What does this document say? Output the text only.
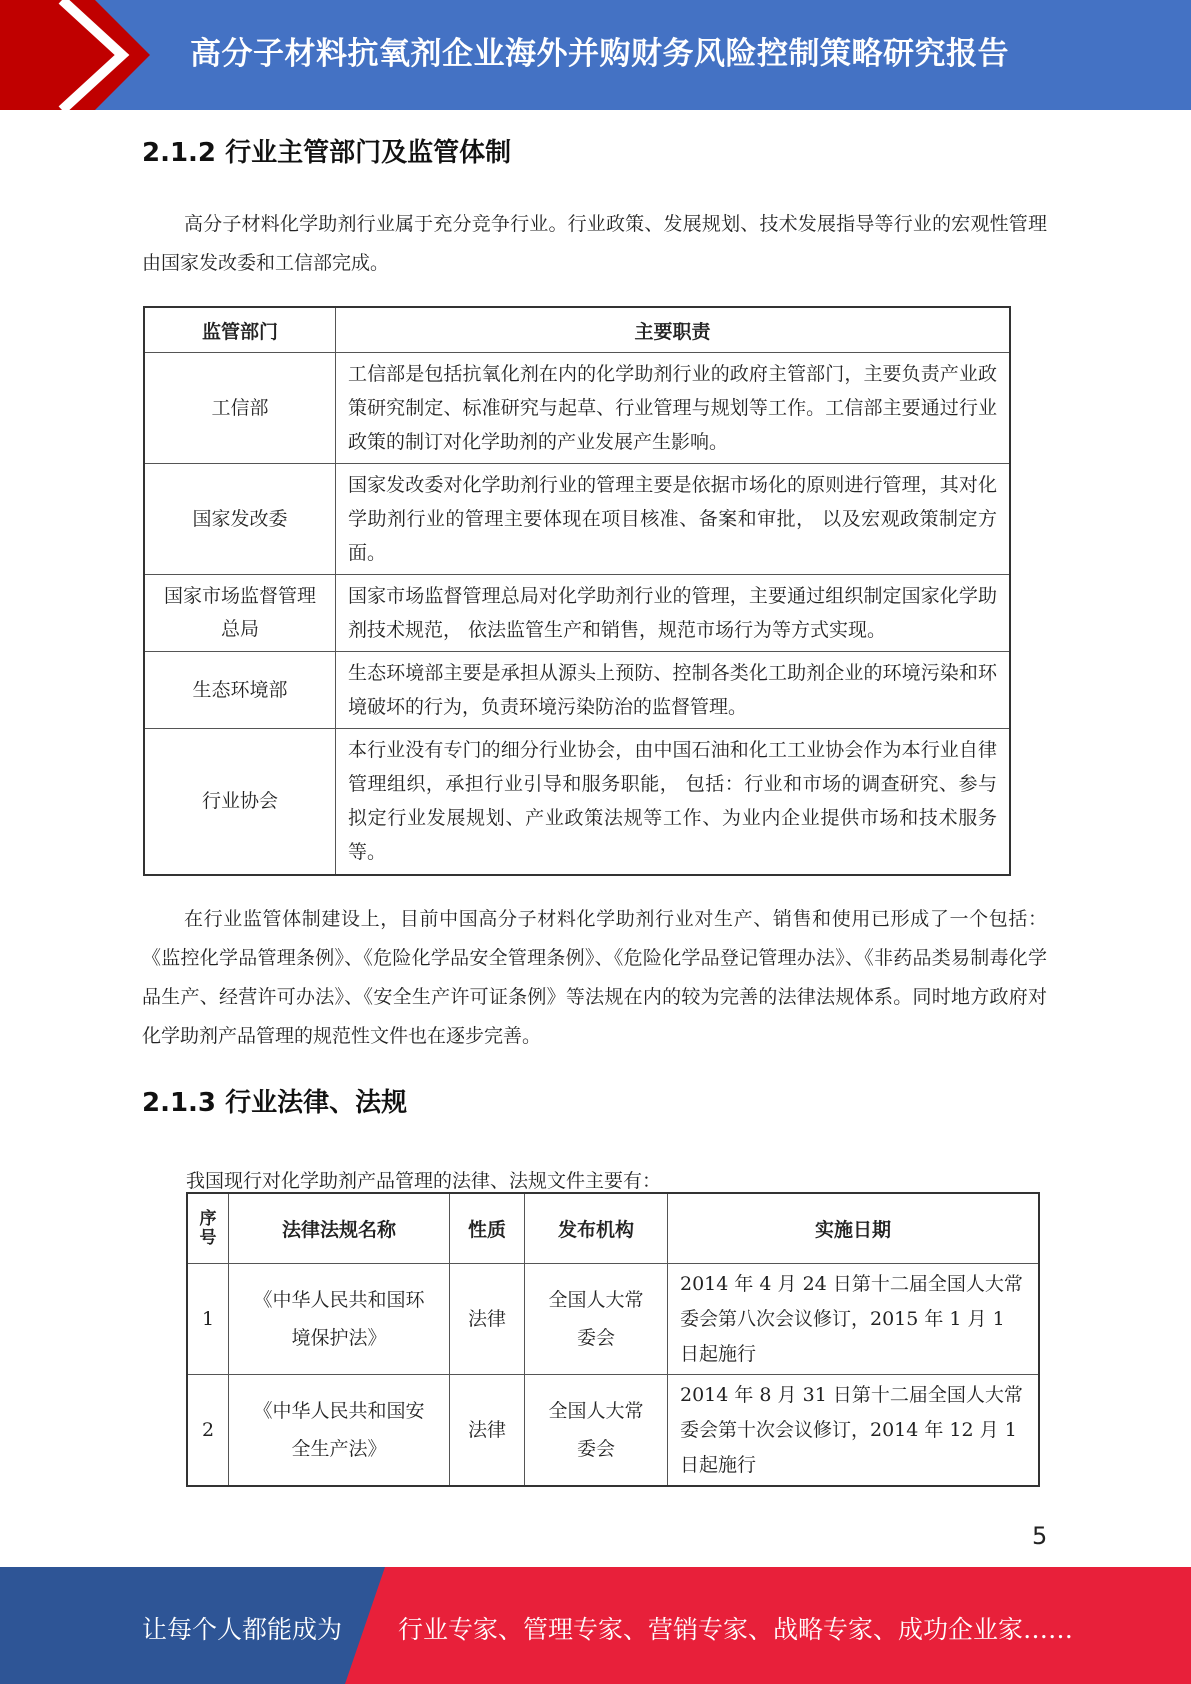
高分子材料抗氧剂企业海外并购财务风险控制策略研究报告
2.1.2 行业主管部门及监管体制

高分子材料化学助剂行业属于充分竞争行业。行业政策、发展规划、技术发展指导等行业的宏观性管理由国家发改委和工信部完成。

监管部门	主要职责
工信部	工信部是包括抗氧化剂在内的化学助剂行业的政府主管部门，主要负责产业政策研究制定、标准研究与起草、行业管理与规划等工作。工信部主要通过行业政策的制订对化学助剂的产业发展产生影响。
国家发改委	国家发改委对化学助剂行业的管理主要是依据市场化的原则进行管理，其对化学助剂行业的管理主要体现在项目核准、备案和审批， 以及宏观政策制定方面。
国家市场监督管理总局	国家市场监督管理总局对化学助剂行业的管理，主要通过组织制定国家化学助剂技术规范， 依法监管生产和销售，规范市场行为等方式实现。
生态环境部	生态环境部主要是承担从源头上预防、控制各类化工助剂企业的环境污染和环境破坏的行为，负责环境污染防治的监督管理。
行业协会	本行业没有专门的细分行业协会，由中国石油和化工工业协会作为本行业自律管理组织，承担行业引导和服务职能， 包括：行业和市场的调查研究、参与拟定行业发展规划、产业政策法规等工作、为业内企业提供市场和技术服务等。

在行业监管体制建设上，目前中国高分子材料化学助剂行业对生产、销售和使用已形成了一个包括：《监控化学品管理条例》、《危险化学品安全管理条例》、《危险化学品登记管理办法》、《非药品类易制毒化学品生产、经营许可办法》、《安全生产许可证条例》等法规在内的较为完善的法律法规体系。同时地方政府对化学助剂产品管理的规范性文件也在逐步完善。

2.1.3 行业法律、法规
我国现行对化学助剂产品管理的法律、法规文件主要有：
序号	法律法规名称	性质	发布机构	实施日期
1	《中华人民共和国环境保护法》	法律	全国人大常委会	2014 年 4 月 24 日第十二届全国人大常 委会第八次会议修订，2015 年 1 月 1 日起施行
2	《中华人民共和国安全生产法》	法律	全国人大常委会	2014 年 8 月 31 日第十二届全国人大常 委会第十次会议修订，2014 年 12 月 1 日起施行
5
让每个人都能成为 行业专家、管理专家、营销专家、战略专家、成功企业家……
